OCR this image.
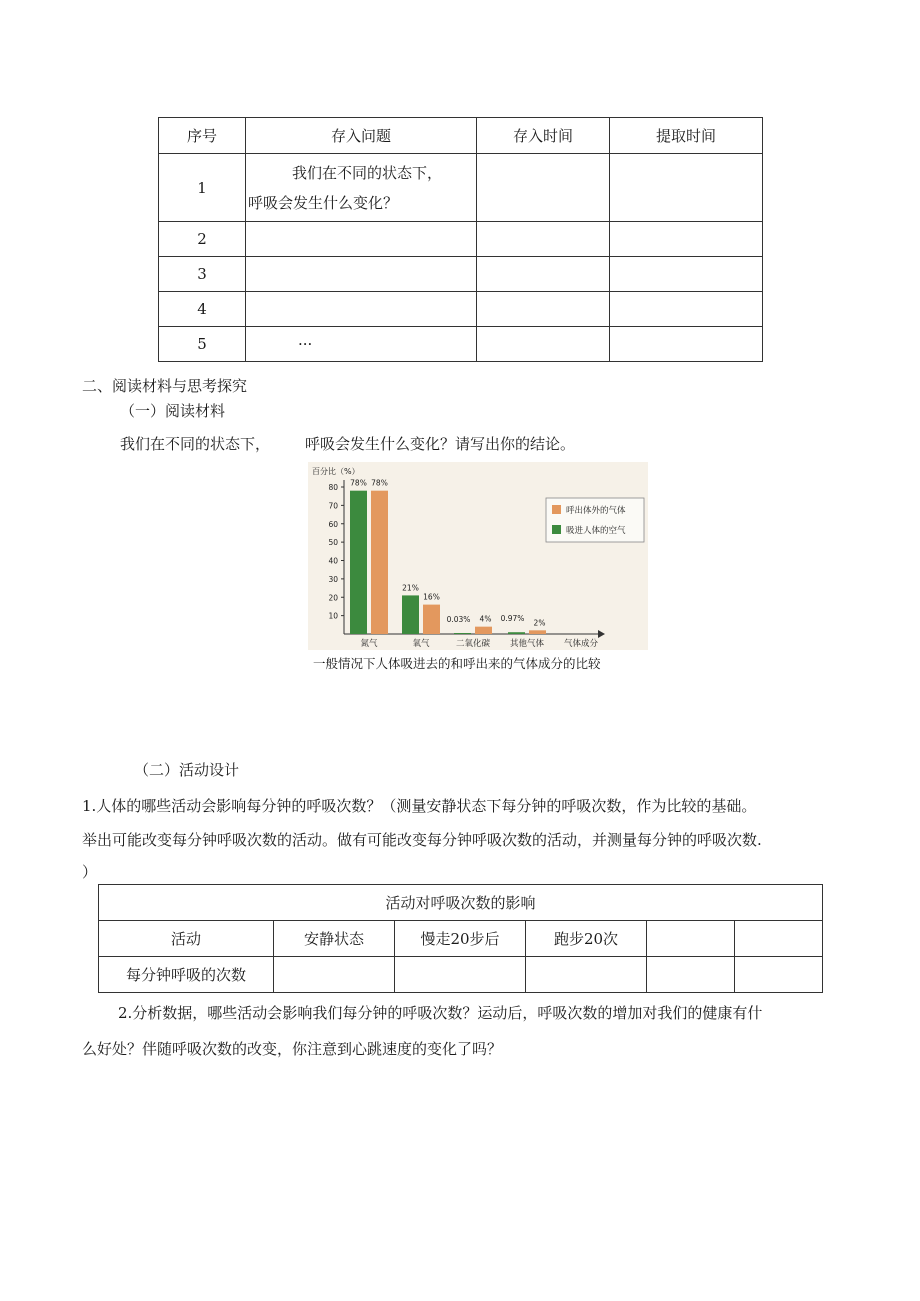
序号	存入问题	存入时间	提取时间
1	我们在不同的状态下，
呼吸会发生什么变化？		

2			
3			
4			
5	···		
二、阅读材料与思考探究
（一）阅读材料
我们在不同的状态下， 呼吸会发生什么变化？请写出你的结论。
百分比（%）
气体成分
10
20
30
40
50
60
70
80 78% 78%
21%
16%
0.03% 4% 0.97% 2%
氮气	氧气	二氧化碳 其他气体
呼出体外的气体
吸进人体的空气
一般情况下人体吸进去的和呼出来的气体成分的比较
（二）活动设计
1.人体的哪些活动会影响每分钟的呼吸次数？（测量安静状态下每分钟的呼吸次数，作为比较的基础。
举出可能改变每分钟呼吸次数的活动。做有可能改变每分钟呼吸次数的活动，并测量每分钟的呼吸次数.
）
活动对呼吸次数的影响					
活动	安静状态	慢走20步后	跑步20次		
每分钟呼吸的次数					
2.分析数据，哪些活动会影响我们每分钟的呼吸次数？运动后，呼吸次数的增加对我们的健康有什
么好处？伴随呼吸次数的改变，你注意到心跳速度的变化了吗？
